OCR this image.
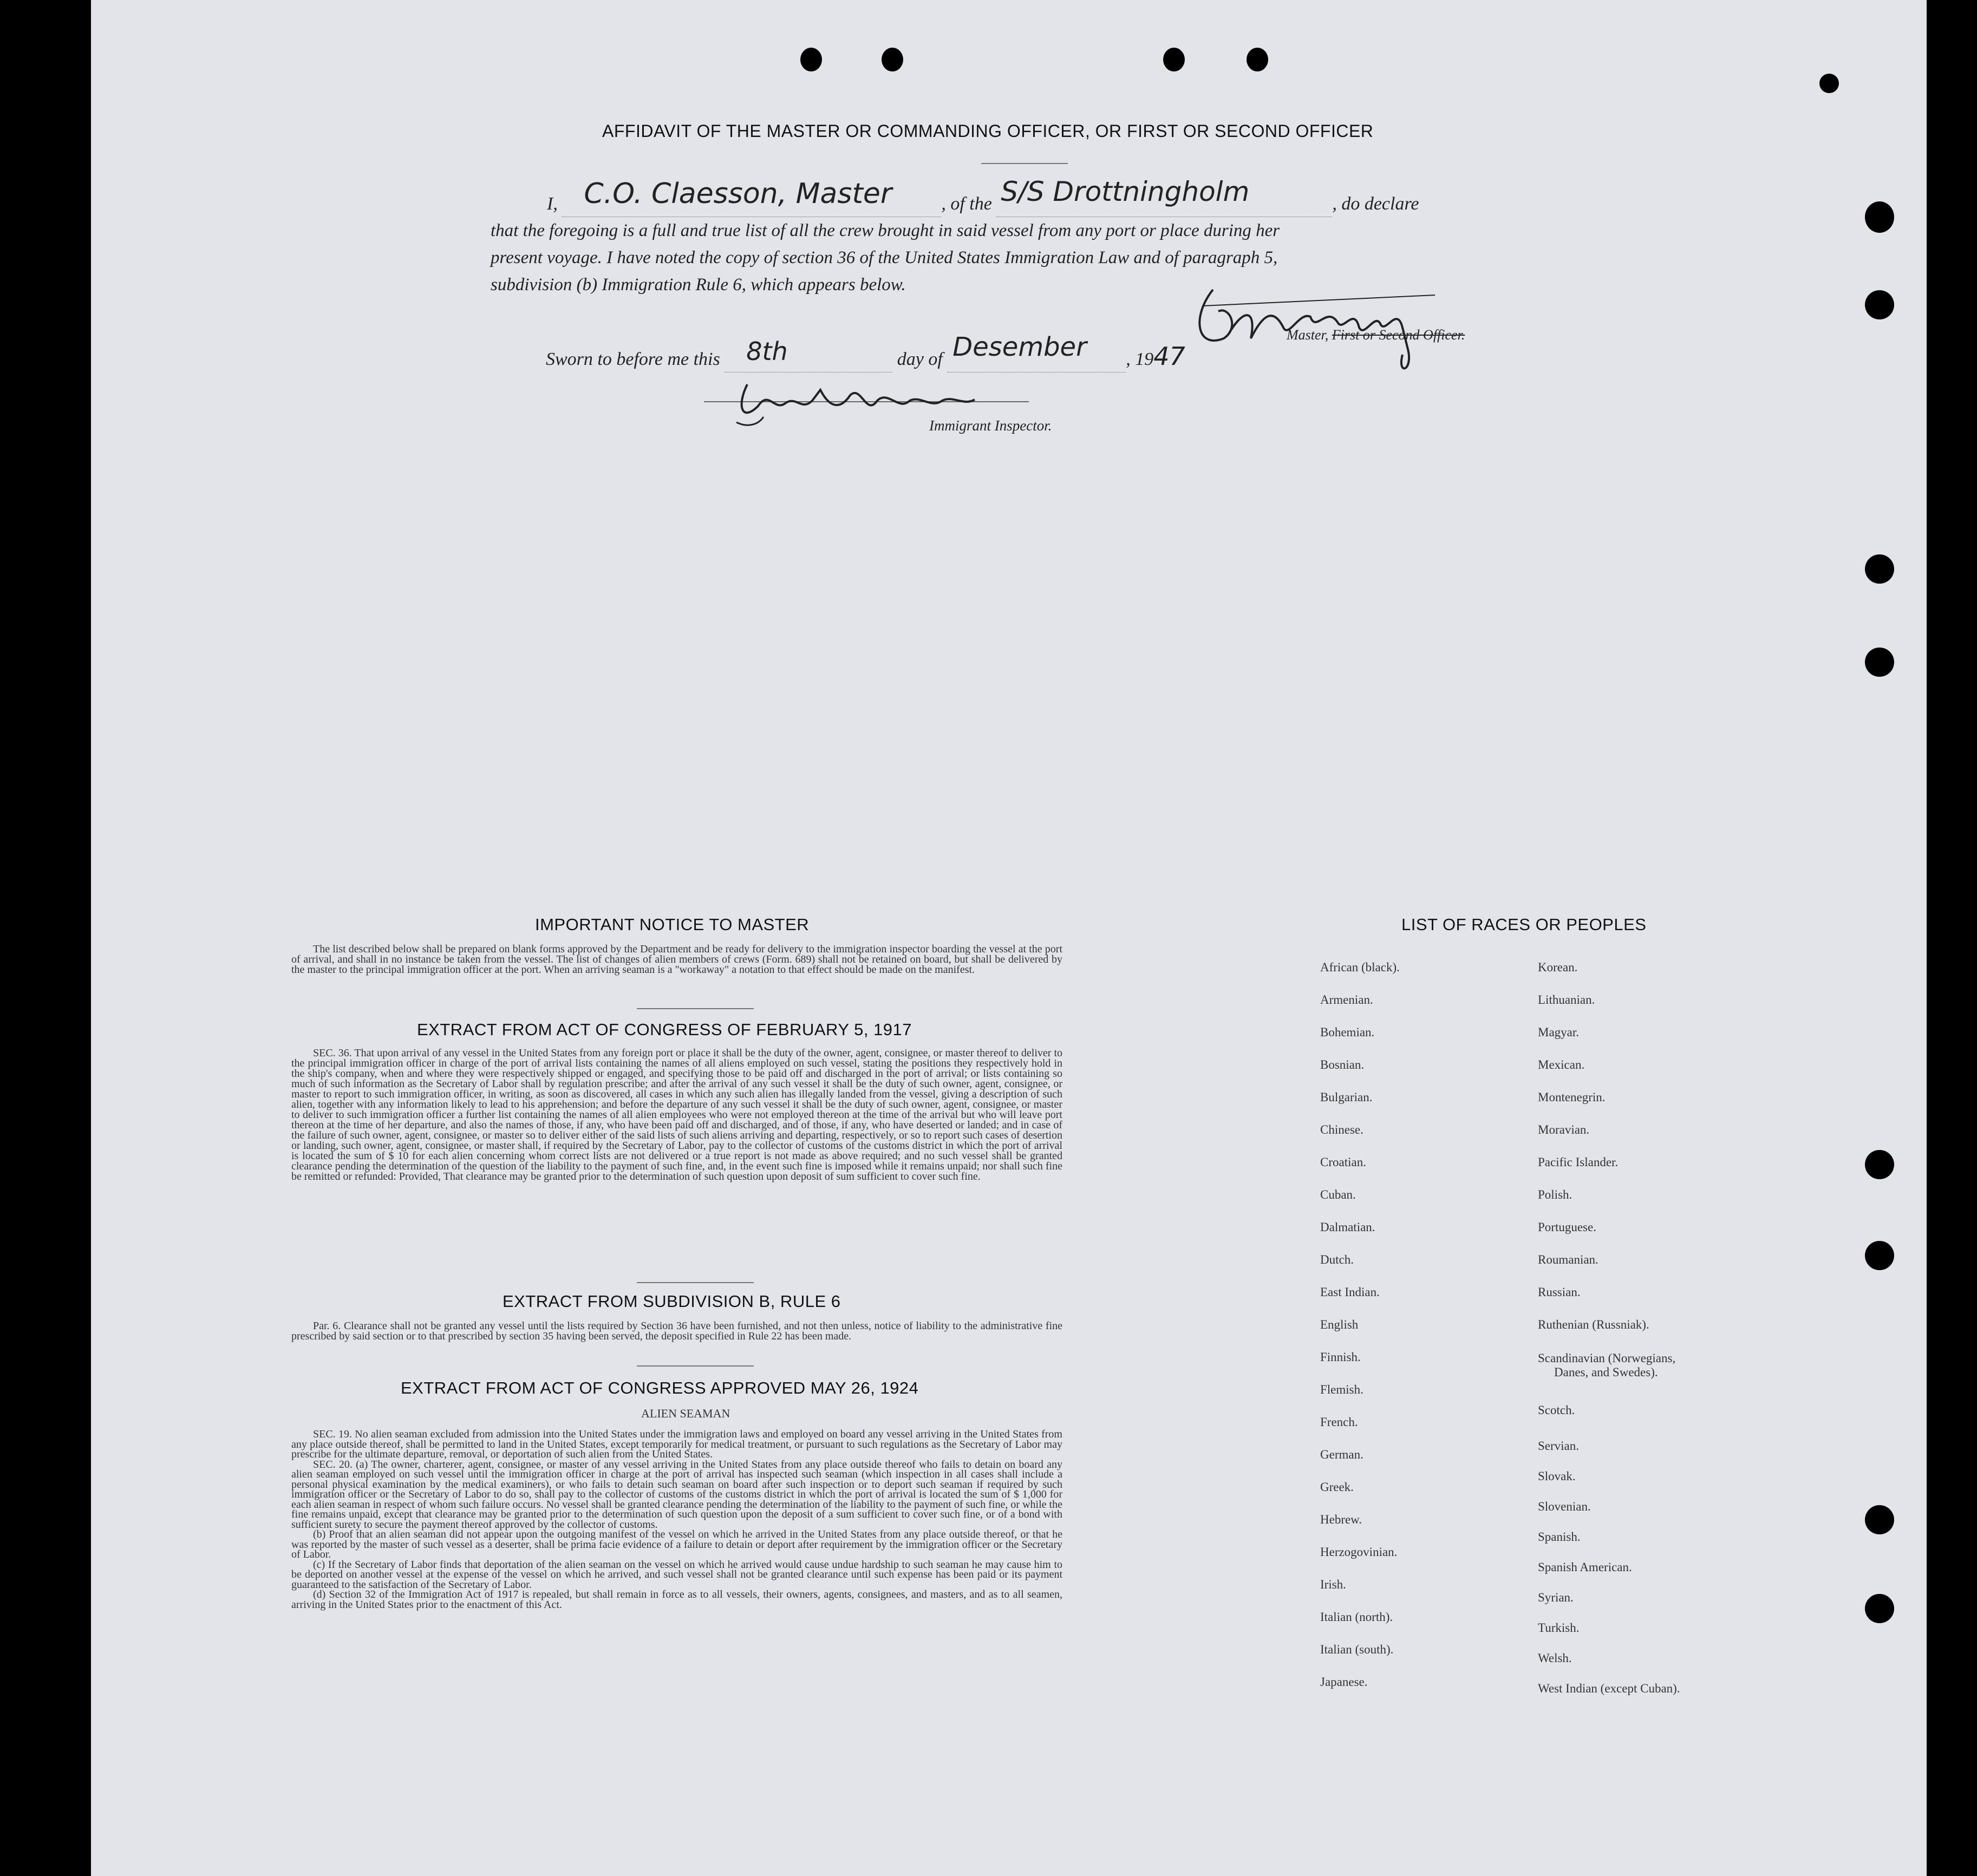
AFFIDAVIT OF THE MASTER OR COMMANDING OFFICER, OR FIRST OR SECOND OFFICER
I, C.O. Claesson, Master	, of the S/S Drottningholm	, do declare
that the foregoing is a full and true list of all the crew brought in said vessel from any port or place during her
present voyage. I have noted the copy of section 36 of the United States Immigration Law and of paragraph 5,
subdivision (b) Immigration Rule 6, which appears below.
Master, First or Second Officer.
Sworn to before me this 8th	day of Desember , 1947
Immigrant Inspector.
IMPORTANT NOTICE TO MASTER

The list described below shall be prepared on blank forms approved by the Department and be ready for delivery to the immigration inspector boarding the vessel at the port of arrival, and shall in no instance be taken from the vessel. The list of changes of alien members of crews (Form. 689) shall not be retained on board, but shall be delivered by the master to the principal immigration officer at the port. When an arriving seaman is a "workaway" a notation to that effect should be made on the manifest.

EXTRACT FROM ACT OF CONGRESS OF FEBRUARY 5, 1917

SEC. 36. That upon arrival of any vessel in the United States from any foreign port or place it shall be the duty of the owner, agent, consignee, or master thereof to deliver to the principal immigration officer in charge of the port of arrival lists containing the names of all aliens employed on such vessel, stating the positions they respectively hold in the ship's company, when and where they were respectively shipped or engaged, and specifying those to be paid off and discharged in the port of arrival; or lists containing so much of such information as the Secretary of Labor shall by regulation prescribe; and after the arrival of any such vessel it shall be the duty of such owner, agent, consignee, or master to report to such immigration officer, in writing, as soon as discovered, all cases in which any such alien has illegally landed from the vessel, giving a description of such alien, together with any information likely to lead to his apprehension; and before the departure of any such vessel it shall be the duty of such owner, agent, consignee, or master to deliver to such immigration officer a further list containing the names of all alien employees who were not employed thereon at the time of the arrival but who will leave port thereon at the time of her departure, and also the names of those, if any, who have been paid off and discharged, and of those, if any, who have deserted or landed; and in case of the failure of such owner, agent, consignee, or master so to deliver either of the said lists of such aliens arriving and departing, respectively, or so to report such cases of desertion or landing, such owner, agent, consignee, or master shall, if required by the Secretary of Labor, pay to the collector of customs of the customs district in which the port of arrival is located the sum of $ 10 for each alien concerning whom correct lists are not delivered or a true report is not made as above required; and no such vessel shall be granted clearance pending the determination of the question of the liability to the payment of such fine, and, in the event such fine is imposed while it remains unpaid; nor shall such fine be remitted or refunded: Provided, That clearance may be granted prior to the determination of such question upon deposit of sum sufficient to cover such fine.

EXTRACT FROM SUBDIVISION B, RULE 6

Par. 6. Clearance shall not be granted any vessel until the lists required by Section 36 have been furnished, and not then unless, notice of liability to the administrative fine prescribed by said section or to that prescribed by section 35 having been served, the deposit specified in Rule 22 has been made.

EXTRACT FROM ACT OF CONGRESS APPROVED MAY 26, 1924
ALIEN SEAMAN

SEC. 19. No alien seaman excluded from admission into the United States under the immigration laws and employed on board any vessel arriving in the United States from any place outside thereof, shall be permitted to land in the United States, except temporarily for medical treatment, or pursuant to such regulations as the Secretary of Labor may prescribe for the ultimate departure, removal, or deportation of such alien from the United States.

SEC. 20. (a) The owner, charterer, agent, consignee, or master of any vessel arriving in the United States from any place outside thereof who fails to detain on board any alien seaman employed on such vessel until the immigration officer in charge at the port of arrival has inspected such seaman (which inspection in all cases shall include a personal physical examination by the medical examiners), or who fails to detain such seaman on board after such inspection or to deport such seaman if required by such immigration officer or the Secretary of Labor to do so, shall pay to the collector of customs of the customs district in which the port of arrival is located the sum of $ 1,000 for each alien seaman in respect of whom such failure occurs. No vessel shall be granted clearance pending the determination of the liability to the payment of such fine, or while the fine remains unpaid, except that clearance may be granted prior to the determination of such question upon the deposit of a sum sufficient to cover such fine, or of a bond with sufficient surety to secure the payment thereof approved by the collector of customs.

(b) Proof that an alien seaman did not appear upon the outgoing manifest of the vessel on which he arrived in the United States from any place outside thereof, or that he was reported by the master of such vessel as a deserter, shall be prima facie evidence of a failure to detain or deport after requirement by the immigration officer or the Secretary of Labor.

(c) If the Secretary of Labor finds that deportation of the alien seaman on the vessel on which he arrived would cause undue hardship to such seaman he may cause him to be deported on another vessel at the expense of the vessel on which he arrived, and such vessel shall not be granted clearance until such expense has been paid or its payment guaranteed to the satisfaction of the Secretary of Labor.

(d) Section 32 of the Immigration Act of 1917 is repealed, but shall remain in force as to all vessels, their owners, agents, consignees, and masters, and as to all seamen, arriving in the United States prior to the enactment of this Act.

LIST OF RACES OR PEOPLES
African (black).
Armenian.
Bohemian.
Bosnian.
Bulgarian.
Chinese.
Croatian.
Cuban.
Dalmatian.
Dutch.
East Indian.
English
Finnish.
Flemish.
French.
German.
Greek.
Hebrew.
Herzogovinian.
Irish.
Italian (north).
Italian (south).
Japanese.
Korean.
Lithuanian.
Magyar.
Mexican.
Montenegrin.
Moravian.
Pacific Islander.
Polish.
Portuguese.
Roumanian.
Russian.
Ruthenian (Russniak).
Scandinavian (Norwegians,
Danes, and Swedes).
Scotch.
Servian.
Slovak.
Slovenian.
Spanish.
Spanish American.
Syrian.
Turkish.
Welsh.
West Indian (except Cuban).
